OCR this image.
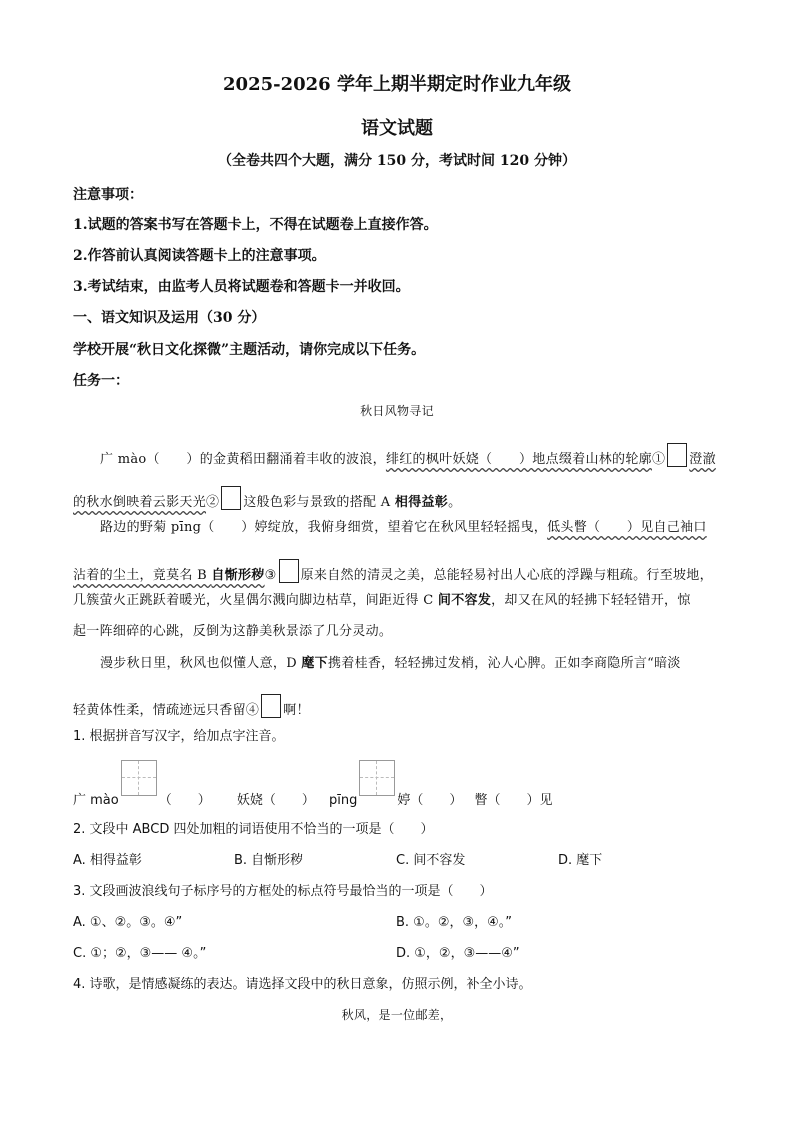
2025-2026 学年上期半期定时作业九年级
语文试题
（全卷共四个大题，满分 150 分，考试时间 120 分钟）
注意事项：
1.试题的答案书写在答题卡上，不得在试题卷上直接作答。
2.作答前认真阅读答题卡上的注意事项。
3.考试结束，由监考人员将试题卷和答题卡一并收回。
一、语文知识及运用（30 分）
学校开展“秋日文化探微”主题活动，请你完成以下任务。
任务一：
秋日风物寻记
广 mào（　　）的金黄稻田翻涌着丰收的波浪，绯红的枫叶妖娆（　　）地点缀着山林的轮廓① 澄澈
的秋水倒映着云影天光② 这般色彩与景致的搭配 A 相得益彰。
路边的野菊 pīng（　　）婷绽放，我俯身细赏，望着它在秋风里轻轻摇曳，低头瞥（　　）见自己袖口
沾着的尘土，竟莫名 B 自惭形秽③ 原来自然的清灵之美，总能轻易衬出人心底的浮躁与粗疏。行至坡地，
几簇萤火正跳跃着暖光，火星偶尔溅向脚边枯草，间距近得 C 间不容发，却又在风的轻拂下轻轻错开，惊
起一阵细碎的心跳，反倒为这静美秋景添了几分灵动。
漫步秋日里，秋风也似懂人意，D 麾下携着桂香，轻轻拂过发梢，沁人心脾。正如李商隐所言“暗淡
轻黄体性柔，情疏迹远只香留④ 啊！
1. 根据拼音写汉字，给加点字注音。
广 mào	（　　） 妖娆（　　） pīng	婷（　　） 瞥（　　）见
2. 文段中 ABCD 四处加粗的词语使用不恰当的一项是（　　）
A. 相得益彰	B. 自惭形秽	C. 间不容发	D. 麾下
3. 文段画波浪线句子标序号的方框处的标点符号最恰当的一项是（　　）
A. ①、②。③。④”	B. ①。②，③，④。”
C. ①；②，③—— ④。”	D. ①，②，③——④”
4. 诗歌，是情感凝练的表达。请选择文段中的秋日意象，仿照示例，补全小诗。
秋风，是一位邮差，
